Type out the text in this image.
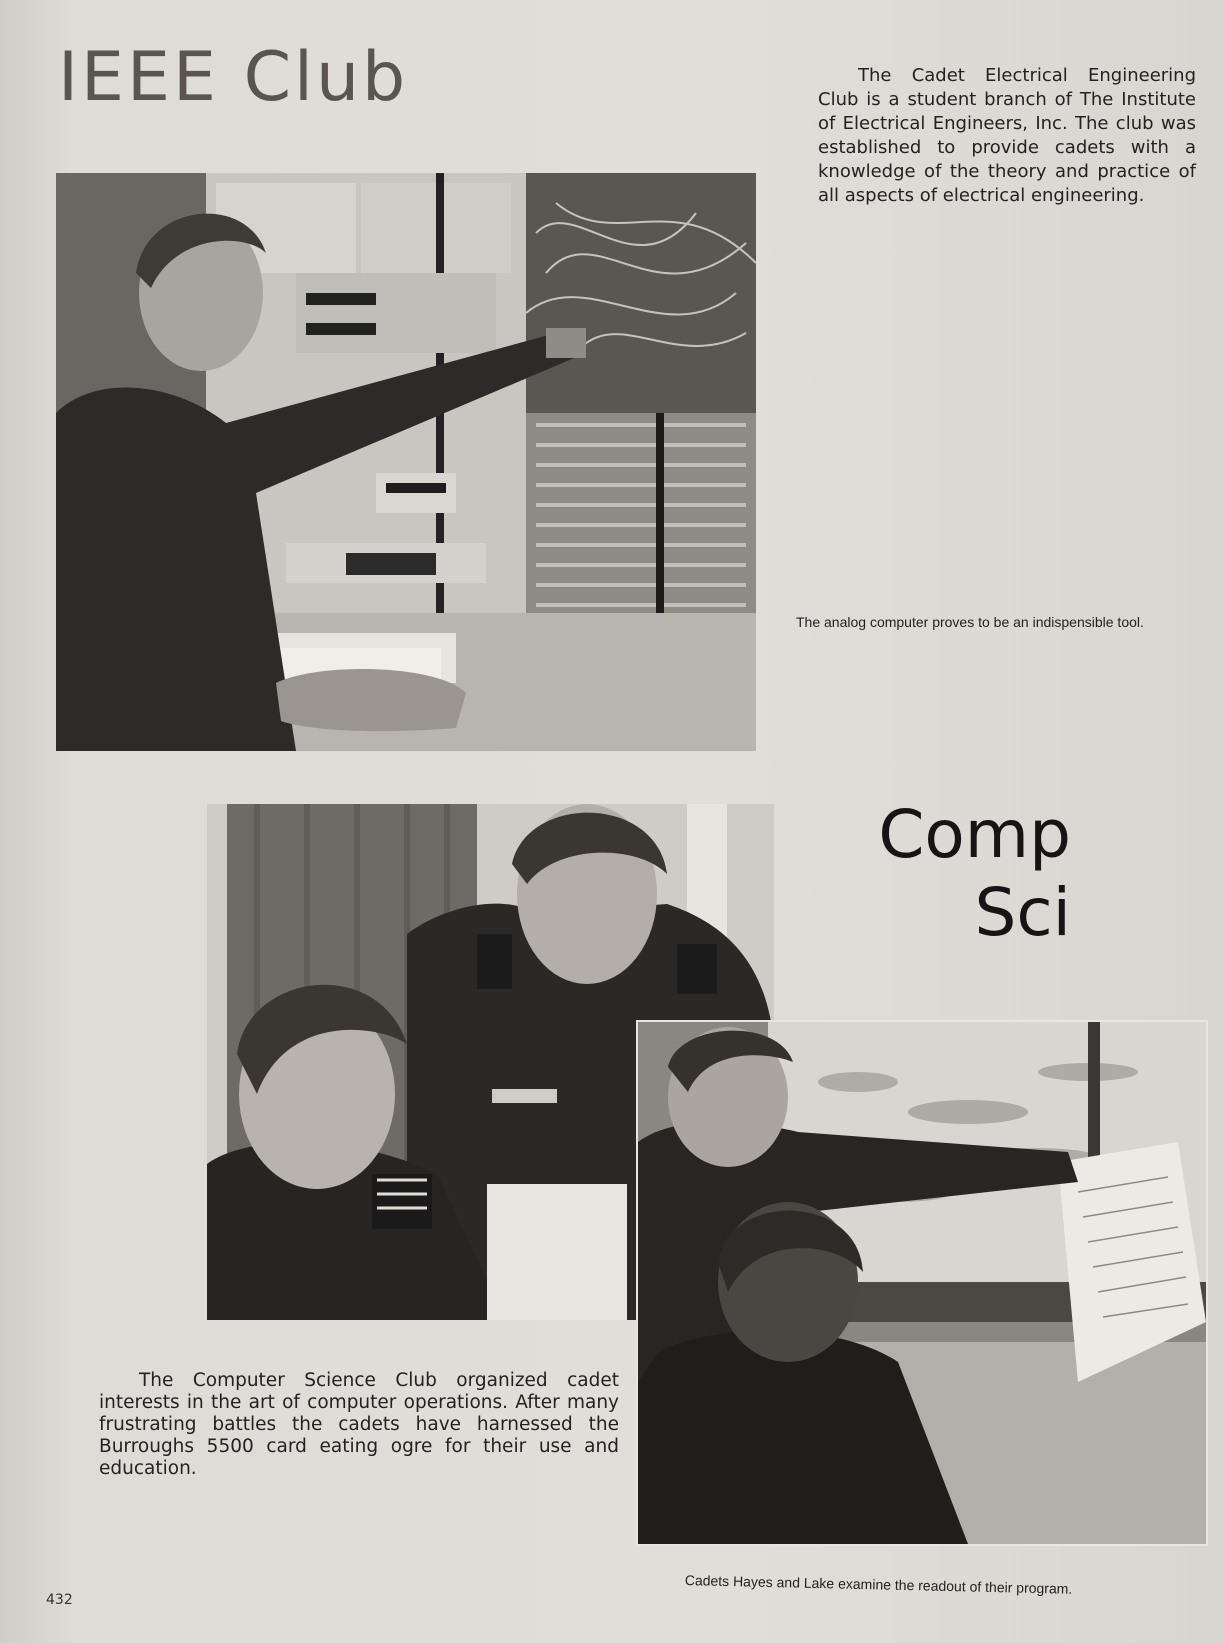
IEEE Club	The Cadet Electrical Engineering Club is a student branch of The Institute of Electrical Engineers, Inc. The club was established to provide cadets with a knowledge of the theory and practice of all aspects of electrical engineering.
The analog computer proves to be an indispensible tool.
Comp
Sci
The Computer Science Club organized cadet interests in the art of computer operations. After many frustrating battles the cadets have harnessed the Burroughs 5500 card eating ogre for their use and education.
Cadets Hayes and Lake examine the readout of their program.
432
